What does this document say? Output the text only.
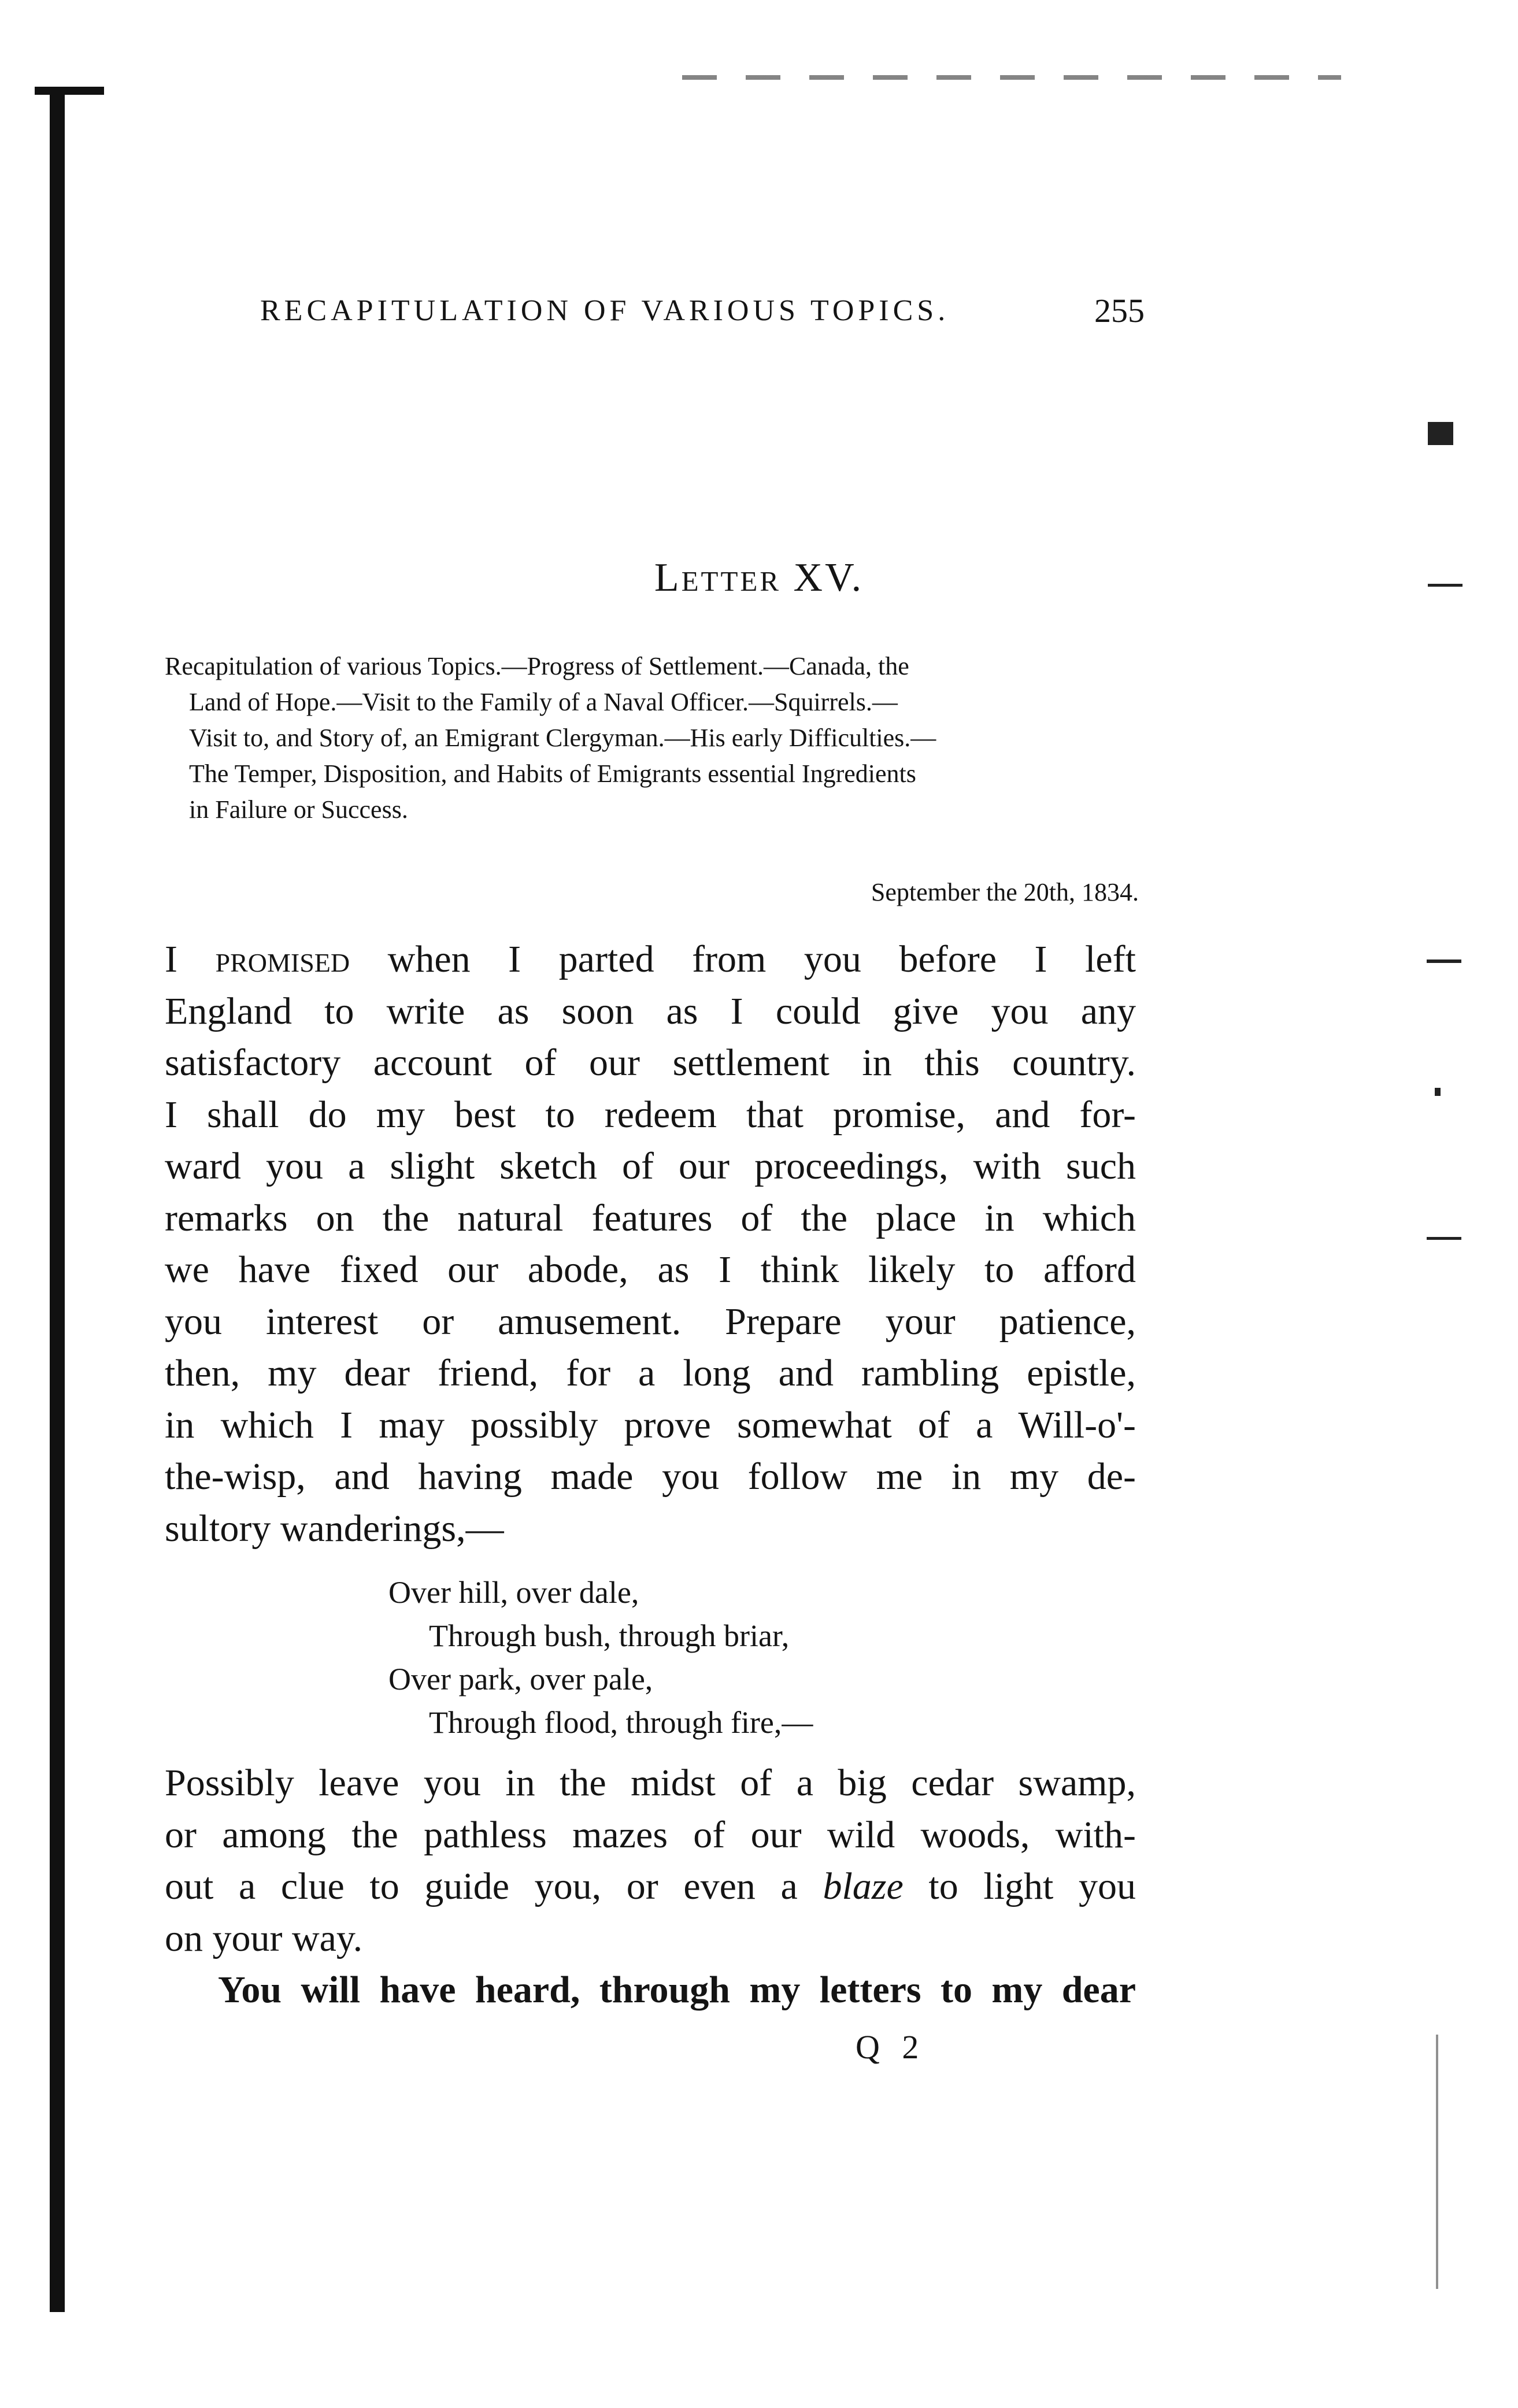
RECAPITULATION OF VARIOUS TOPICS.	255
Letter XV.
Recapitulation of various Topics.—Progress of Settlement.—Canada, the
Land of Hope.—Visit to the Family of a Naval Officer.—Squirrels.—
Visit to, and Story of, an Emigrant Clergyman.—His early Difficulties.—
The Temper, Disposition, and Habits of Emigrants essential Ingredients
in Failure or Success.
September the 20th, 1834.
I promised when I parted from you before I left
England to write as soon as I could give you any
satisfactory account of our settlement in this country.
I shall do my best to redeem that promise, and for-
ward you a slight sketch of our proceedings, with such
remarks on the natural features of the place in which
we have fixed our abode, as I think likely to afford
you interest or amusement. Prepare your patience,
then, my dear friend, for a long and rambling epistle,
in which I may possibly prove somewhat of a Will-o'-
the-wisp, and having made you follow me in my de-
sultory wanderings,—
Over hill, over dale,
Through bush, through briar,
Over park, over pale,
Through flood, through fire,—
Possibly leave you in the midst of a big cedar swamp,
or among the pathless mazes of our wild woods, with-
out a clue to guide you, or even a blaze to light you
on your way.
You will have heard, through my letters to my dear
Q 2
